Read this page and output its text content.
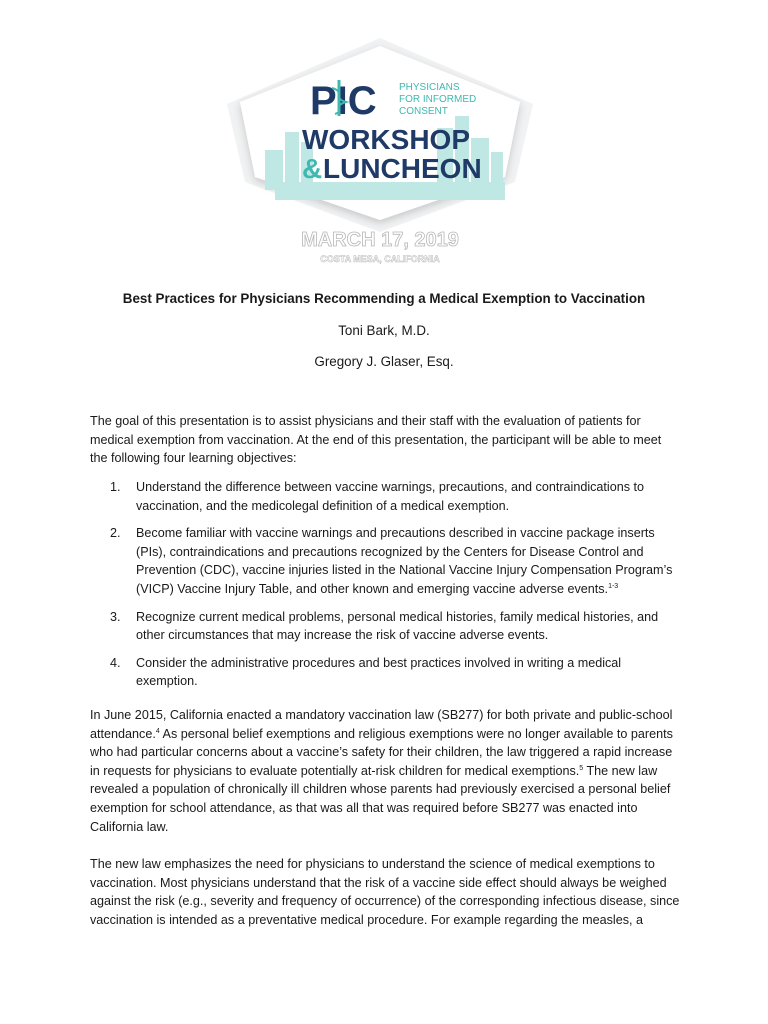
PIC PHYSICIANS
FOR INFORMED
CONSENT
WORKSHOP
& LUNCHEON
MARCH 17, 2019
COSTA MESA, CALIFORNIA
Best Practices for Physicians Recommending a Medical Exemption to Vaccination
Toni Bark, M.D.
Gregory J. Glaser, Esq.

The goal of this presentation is to assist physicians and their staff with the evaluation of patients for medical exemption from vaccination. At the end of this presentation, the participant will be able to meet the following four learning objectives:

1.	Understand the difference between vaccine warnings, precautions, and contraindications to vaccination, and the medicolegal definition of a medical exemption.
2.	Become familiar with vaccine warnings and precautions described in vaccine package inserts (PIs), contraindications and precautions recognized by the Centers for Disease Control and Prevention (CDC), vaccine injuries listed in the National Vaccine Injury Compensation Program’s (VICP) Vaccine Injury Table, and other known and emerging vaccine adverse events.$^{1-3}$
3.	Recognize current medical problems, personal medical histories, family medical histories, and other circumstances that may increase the risk of vaccine adverse events.
4.	Consider the administrative procedures and best practices involved in writing a medical exemption.

In June 2015, California enacted a mandatory vaccination law (SB277) for both private and public-school attendance.$^4$ As personal belief exemptions and religious exemptions were no longer available to parents who had particular concerns about a vaccine’s safety for their children, the law triggered a rapid increase in requests for physicians to evaluate potentially at-risk children for medical exemptions.$^5$ The new law revealed a population of chronically ill children whose parents had previously exercised a personal belief exemption for school attendance, as that was all that was required before SB277 was enacted into California law.

The new law emphasizes the need for physicians to understand the science of medical exemptions to vaccination. Most physicians understand that the risk of a vaccine side effect should always be weighed against the risk (e.g., severity and frequency of occurrence) of the corresponding infectious disease, since vaccination is intended as a preventative medical procedure. For example regarding the measles, a
